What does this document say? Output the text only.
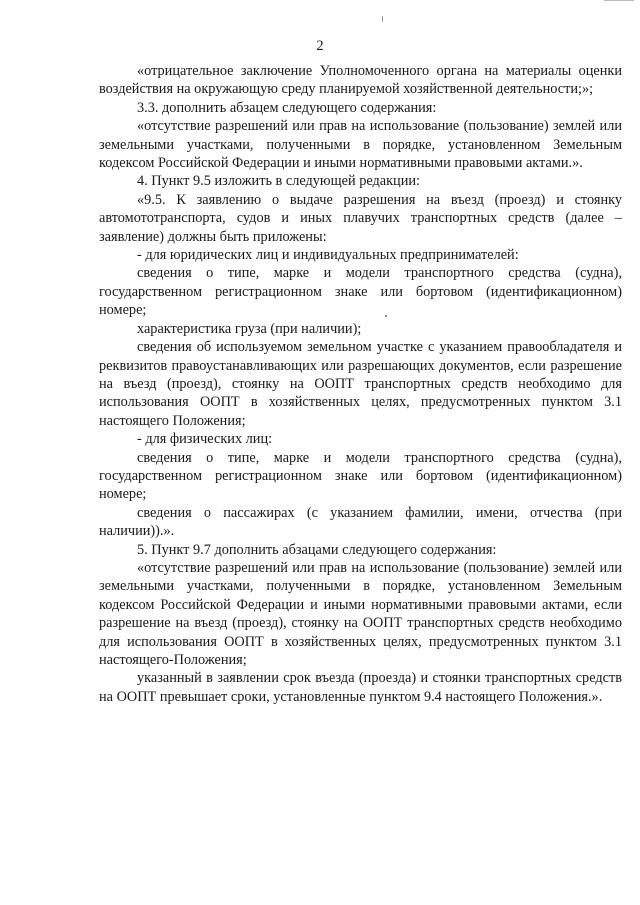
2

«отрицательное заключение Уполномоченного органа на материалы оценки воздействия на окружающую среду планируемой хозяйственной деятельности;»;

3.3. дополнить абзацем следующего содержания:

«отсутствие разрешений или прав на использование (пользование) землей или земельными участками, полученными в порядке, установленном Земельным кодексом Российской Федерации и иными нормативными правовыми актами.».

4. Пункт 9.5 изложить в следующей редакции:

«9.5. К заявлению о выдаче разрешения на въезд (проезд) и стоянку автомототранспорта, судов и иных плавучих транспортных средств (далее – заявление) должны быть приложены:

- для юридических лиц и индивидуальных предпринимателей:

сведения о типе, марке и модели транспортного средства (судна), государственном регистрационном знаке или бортовом (идентификационном) номере;

характеристика груза (при наличии);

сведения об используемом земельном участке с указанием правообладателя и реквизитов правоустанавливающих или разрешающих документов, если разрешение на въезд (проезд), стоянку на ООПТ транспортных средств необходимо для использования ООПТ в хозяйственных целях, предусмотренных пунктом 3.1 настоящего Положения;

- для физических лиц:

сведения о типе, марке и модели транспортного средства (судна), государственном регистрационном знаке или бортовом (идентификационном) номере;

сведения о пассажирах (с указанием фамилии, имени, отчества (при наличии)).».

5. Пункт 9.7 дополнить абзацами следующего содержания:

«отсутствие разрешений или прав на использование (пользование) землей или земельными участками, полученными в порядке, установленном Земельным кодексом Российской Федерации и иными нормативными правовыми актами, если разрешение на въезд (проезд), стоянку на ООПТ транспортных средств необходимо для использования ООПТ в хозяйственных целях, предусмотренных пунктом 3.1 настоящего-Положения;

указанный в заявлении срок въезда (проезда) и стоянки транспортных средств на ООПТ превышает сроки, установленные пунктом 9.4 настоящего Положения.».
